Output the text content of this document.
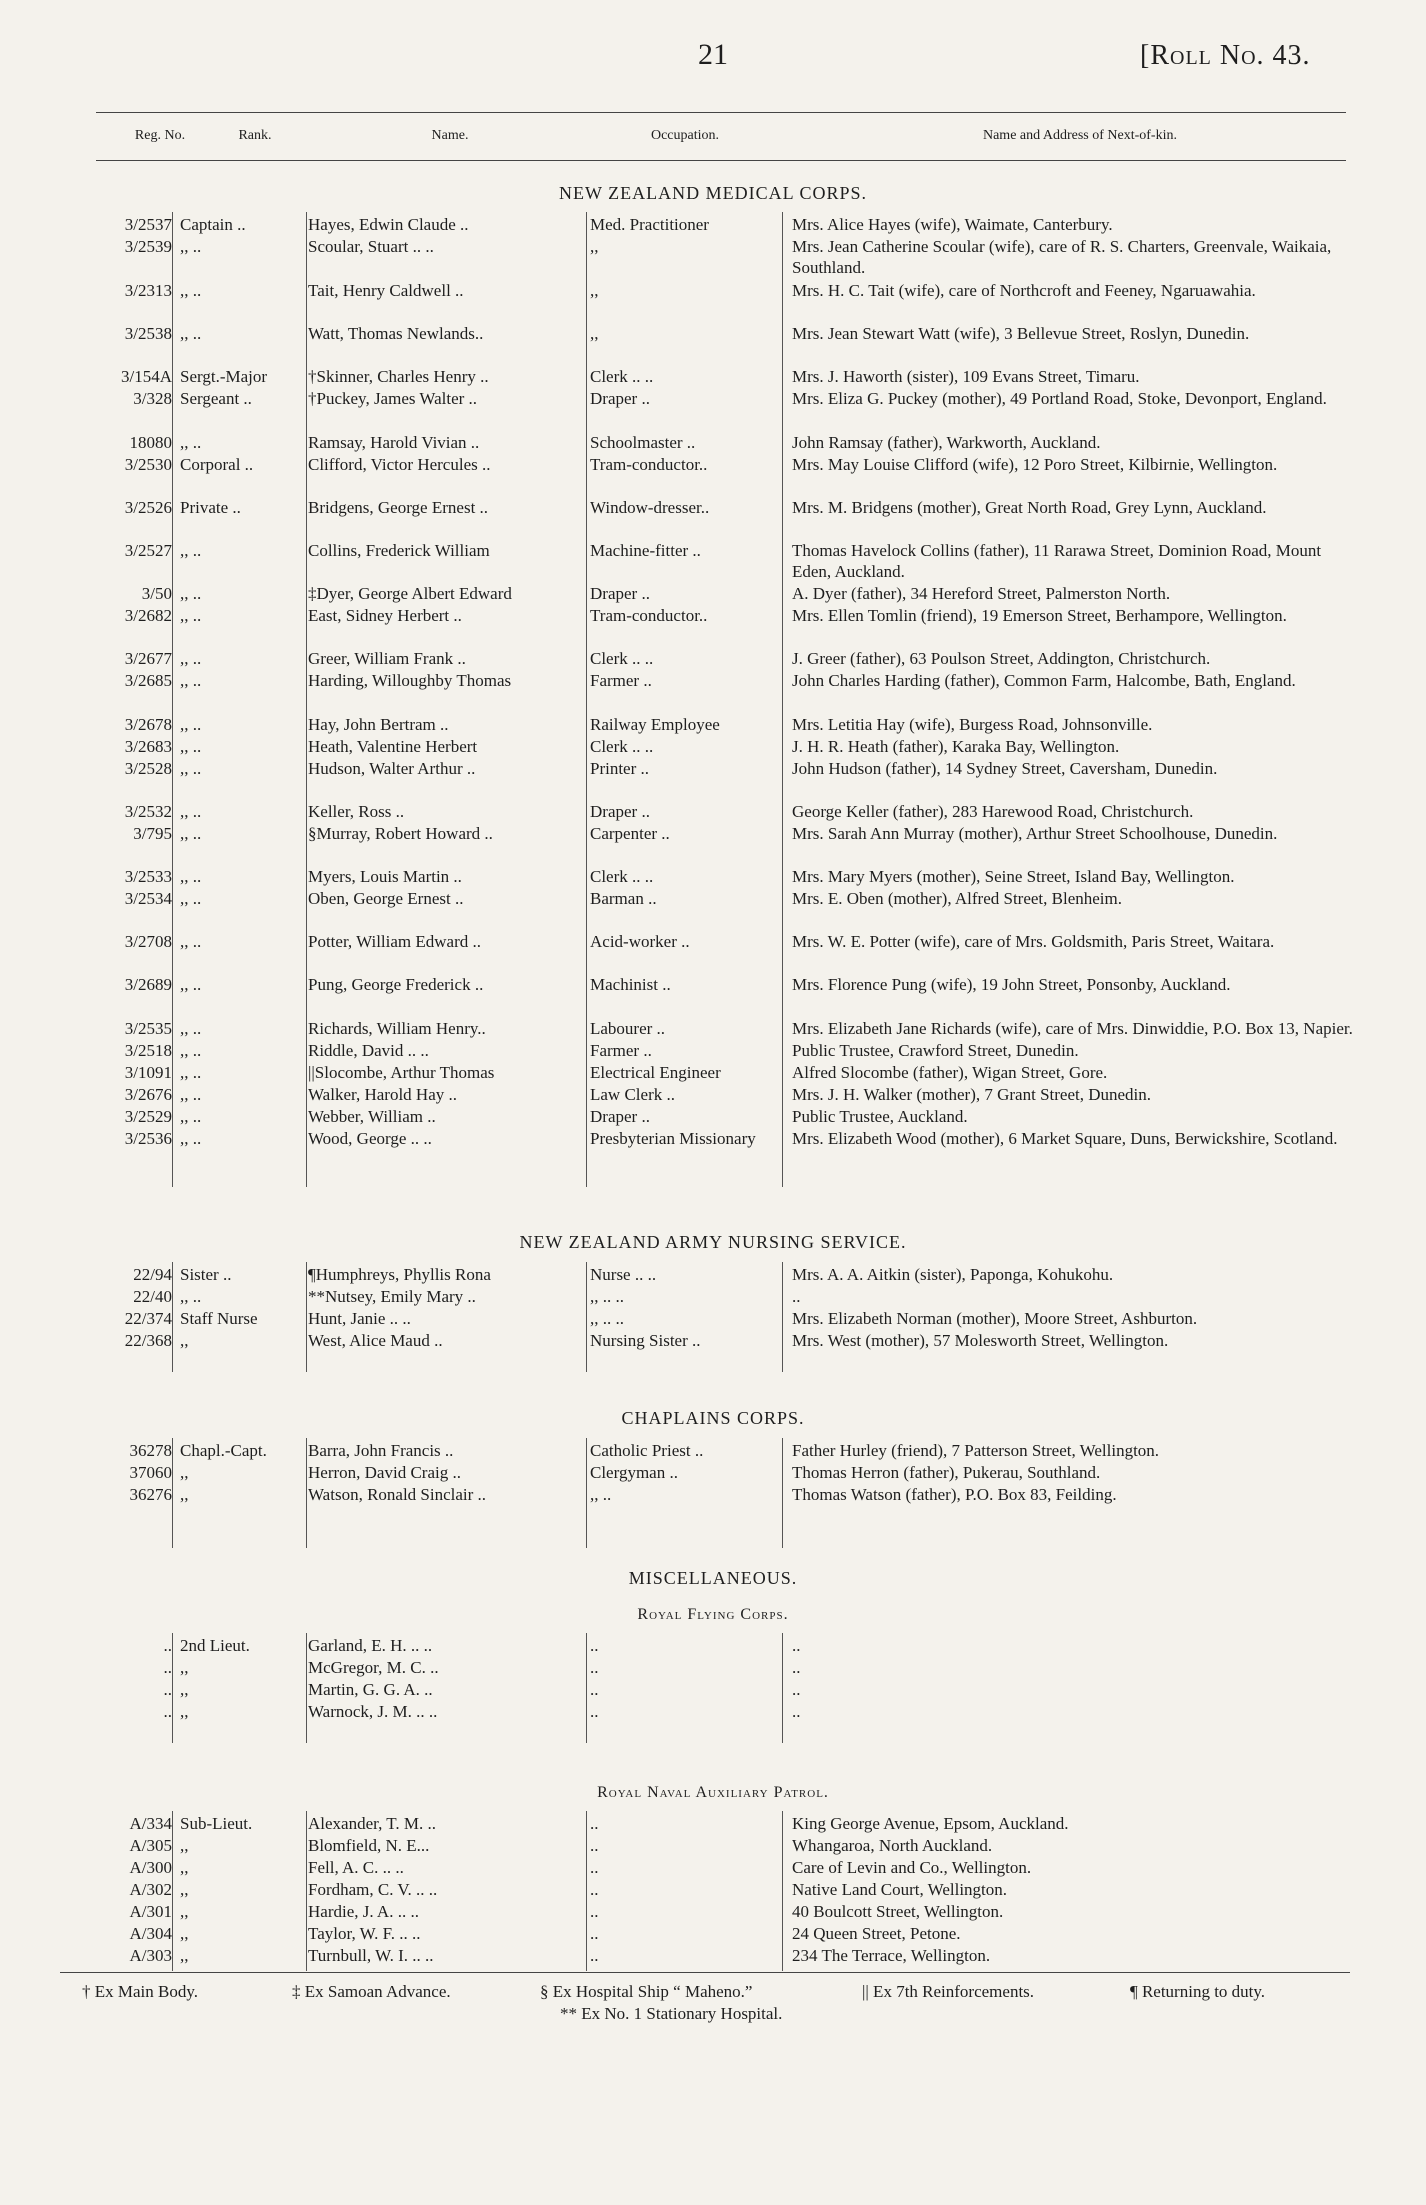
21	[Roll No. 43.
Reg. No.	Rank.	Name.	Occupation.	Name and Address of Next-of-kin.
NEW ZEALAND MEDICAL CORPS.
3/2537 Captain ..	Hayes, Edwin Claude ..	Med. Practitioner	Mrs. Alice Hayes (wife), Waimate, Canterbury.
3/2539 ,, ..	Scoular, Stuart .. ..	,,	Mrs. Jean Catherine Scoular (wife), care of R. S. Charters, Greenvale, Waikaia, Southland.
3/2313 ,, ..	Tait, Henry Caldwell ..	,,	Mrs. H. C. Tait (wife), care of Northcroft and Feeney, Ngaruawahia.
3/2538 ,, ..	Watt, Thomas Newlands..	,,	Mrs. Jean Stewart Watt (wife), 3 Bellevue Street, Roslyn, Dunedin.
3/154A Sergt.-Major	†Skinner, Charles Henry ..	Clerk .. ..	Mrs. J. Haworth (sister), 109 Evans Street, Timaru.
3/328 Sergeant ..	†Puckey, James Walter ..	Draper ..	Mrs. Eliza G. Puckey (mother), 49 Portland Road, Stoke, Devonport, England.
18080 ,, ..	Ramsay, Harold Vivian ..	Schoolmaster ..	John Ramsay (father), Warkworth, Auckland.
3/2530 Corporal ..	Clifford, Victor Hercules ..	Tram-conductor..	Mrs. May Louise Clifford (wife), 12 Poro Street, Kilbirnie, Wellington.
3/2526 Private ..	Bridgens, George Ernest ..	Window-dresser..	Mrs. M. Bridgens (mother), Great North Road, Grey Lynn, Auckland.
3/2527 ,, ..	Collins, Frederick William	Machine-fitter ..	Thomas Havelock Collins (father), 11 Rarawa Street, Dominion Road, Mount Eden, Auckland.
3/50 ,, ..	‡Dyer, George Albert Edward	Draper ..	A. Dyer (father), 34 Hereford Street, Palmerston North.
3/2682 ,, ..	East, Sidney Herbert ..	Tram-conductor..	Mrs. Ellen Tomlin (friend), 19 Emerson Street, Berhampore, Wellington.
3/2677 ,, ..	Greer, William Frank ..	Clerk .. ..	J. Greer (father), 63 Poulson Street, Addington, Christchurch.
3/2685 ,, ..	Harding, Willoughby Thomas	Farmer ..	John Charles Harding (father), Common Farm, Halcombe, Bath, England.
3/2678 ,, ..	Hay, John Bertram ..	Railway Employee	Mrs. Letitia Hay (wife), Burgess Road, Johnsonville.
3/2683 ,, ..	Heath, Valentine Herbert	Clerk .. ..	J. H. R. Heath (father), Karaka Bay, Wellington.
3/2528 ,, ..	Hudson, Walter Arthur ..	Printer ..	John Hudson (father), 14 Sydney Street, Caversham, Dunedin.
3/2532 ,, ..	Keller, Ross ..	Draper ..	George Keller (father), 283 Harewood Road, Christchurch.
3/795 ,, ..	§Murray, Robert Howard ..	Carpenter ..	Mrs. Sarah Ann Murray (mother), Arthur Street Schoolhouse, Dunedin.
3/2533 ,, ..	Myers, Louis Martin ..	Clerk .. ..	Mrs. Mary Myers (mother), Seine Street, Island Bay, Wellington.
3/2534 ,, ..	Oben, George Ernest ..	Barman ..	Mrs. E. Oben (mother), Alfred Street, Blenheim.
3/2708 ,, ..	Potter, William Edward ..	Acid-worker ..	Mrs. W. E. Potter (wife), care of Mrs. Goldsmith, Paris Street, Waitara.
3/2689 ,, ..	Pung, George Frederick ..	Machinist ..	Mrs. Florence Pung (wife), 19 John Street, Ponsonby, Auckland.
3/2535 ,, ..	Richards, William Henry..	Labourer ..	Mrs. Elizabeth Jane Richards (wife), care of Mrs. Dinwiddie, P.O. Box 13, Napier.
3/2518 ,, ..	Riddle, David .. ..	Farmer ..	Public Trustee, Crawford Street, Dunedin.
3/1091 ,, ..	||Slocombe, Arthur Thomas	Electrical Engineer	Alfred Slocombe (father), Wigan Street, Gore.
3/2676 ,, ..	Walker, Harold Hay ..	Law Clerk ..	Mrs. J. H. Walker (mother), 7 Grant Street, Dunedin.
3/2529 ,, ..	Webber, William ..	Draper ..	Public Trustee, Auckland.
3/2536 ,, ..	Wood, George .. ..	Presbyterian Missionary	Mrs. Elizabeth Wood (mother), 6 Market Square, Duns, Berwickshire, Scotland.
NEW ZEALAND ARMY NURSING SERVICE.
22/94 Sister ..	¶Humphreys, Phyllis Rona	Nurse .. ..	Mrs. A. A. Aitkin (sister), Paponga, Kohukohu.
22/40 ,, ..	**Nutsey, Emily Mary ..	,, .. ..	..
22/374 Staff Nurse	Hunt, Janie .. ..	,, .. ..	Mrs. Elizabeth Norman (mother), Moore Street, Ashburton.
22/368 ,,	West, Alice Maud ..	Nursing Sister ..	Mrs. West (mother), 57 Molesworth Street, Wellington.
CHAPLAINS CORPS.
36278 Chapl.-Capt.	Barra, John Francis ..	Catholic Priest ..	Father Hurley (friend), 7 Patterson Street, Wellington.
37060 ,,	Herron, David Craig ..	Clergyman ..	Thomas Herron (father), Pukerau, Southland.
36276 ,,	Watson, Ronald Sinclair ..	,, ..	Thomas Watson (father), P.O. Box 83, Feilding.
MISCELLANEOUS.
Royal Flying Corps.
.. 2nd Lieut.	Garland, E. H. .. ..	..	..
.. ,,	McGregor, M. C. ..	..	..
.. ,,	Martin, G. G. A. ..	..	..
.. ,,	Warnock, J. M. .. ..	..	..
Royal Naval Auxiliary Patrol.
A/334 Sub-Lieut.	Alexander, T. M. ..	..	King George Avenue, Epsom, Auckland.
A/305 ,,	Blomfield, N. E...	..	Whangaroa, North Auckland.
A/300 ,,	Fell, A. C. .. ..	..	Care of Levin and Co., Wellington.
A/302 ,,	Fordham, C. V. .. ..	..	Native Land Court, Wellington.
A/301 ,,	Hardie, J. A. .. ..	..	40 Boulcott Street, Wellington.
A/304 ,,	Taylor, W. F. .. ..	..	24 Queen Street, Petone.
A/303 ,,	Turnbull, W. I. .. ..	..	234 The Terrace, Wellington.
† Ex Main Body.	‡ Ex Samoan Advance.	§ Ex Hospital Ship “ Maheno.”	|| Ex 7th Reinforcements.	¶ Returning to duty.
** Ex No. 1 Stationary Hospital.
